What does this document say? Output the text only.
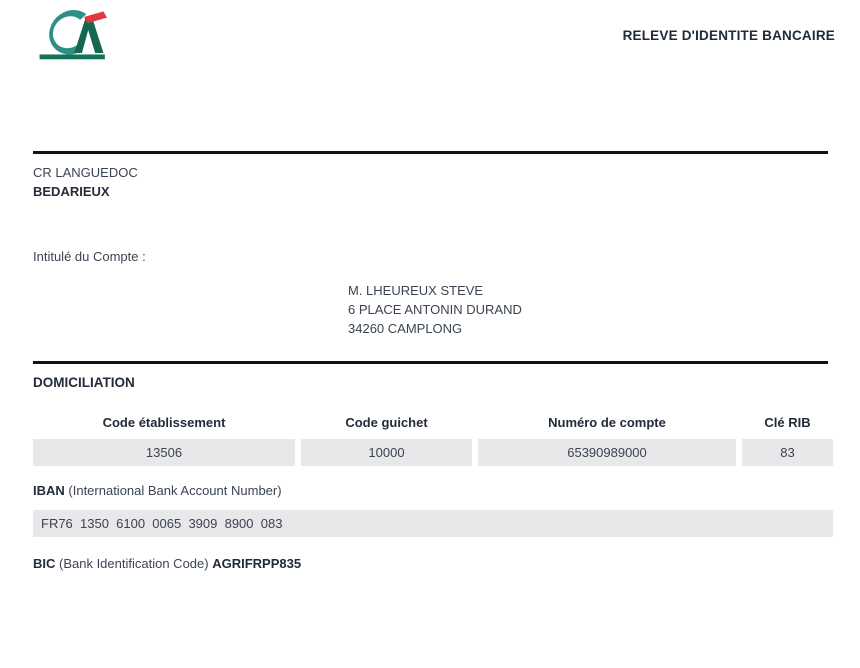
RELEVE D'IDENTITE BANCAIRE
CR LANGUEDOC
BEDARIEUX
Intitulé du Compte :
M. LHEUREUX STEVE
6 PLACE ANTONIN DURAND
34260 CAMPLONG
DOMICILIATION
Code établissement	Code guichet	Numéro de compte	Clé RIB
13506	10000	65390989000	83
IBAN (International Bank Account Number)
FR76  1350  6100  0065  3909  8900  083
BIC (Bank Identification Code) AGRIFRPP835
